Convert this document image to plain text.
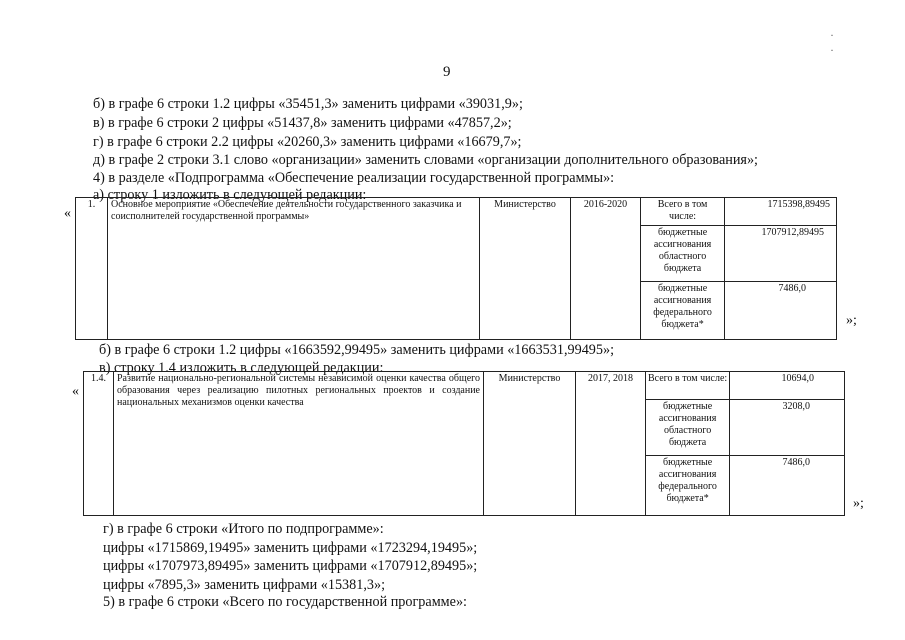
· ·
9
б) в графе 6 строки 1.2 цифры «35451,3» заменить цифрами «39031,9»;
в) в графе 6 строки 2 цифры «51437,8» заменить цифрами «47857,2»;
г) в графе 6 строки 2.2 цифры «20260,3» заменить цифрами «16679,7»;
д) в графе 2 строки 3.1 слово «организации» заменить словами «организации дополнительного образования»;
4) в разделе «Подпрограмма «Обеспечение реализации государственной программы»:
а) строку 1 изложить в следующей редакции:
«
1.	Основное мероприятие «Обеспечение деятельности государственного заказчика и соисполнителей государственной программы»	Министерство	2016-2020		Всего в том числе:	1715398,89495
бюджетные ассигнования областного бюджета	1707912,89495
бюджетные ассигнования федерального бюджета*	7486,0
»;
б) в графе 6 строки 1.2 цифры «1663592,99495» заменить цифрами «1663531,99495»;
в) строку 1.4 изложить в следующей редакции:
«
1.4.	Развитие национально-региональной системы независимой оценки качества общего образования через реализацию пилотных региональных проектов и создание национальных механизмов оценки качества	Министерство	2017, 2018	Всего в том числе:	10694,0
бюджетные ассигнования областного бюджета	3208,0
бюджетные ассигнования федерального бюджета*	7486,0
»;
г) в графе 6 строки «Итого по подпрограмме»:
цифры «1715869,19495» заменить цифрами «1723294,19495»;
цифры «1707973,89495» заменить цифрами «1707912,89495»;
цифры «7895,3» заменить цифрами «15381,3»;
5) в графе 6 строки «Всего по государственной программе»:
